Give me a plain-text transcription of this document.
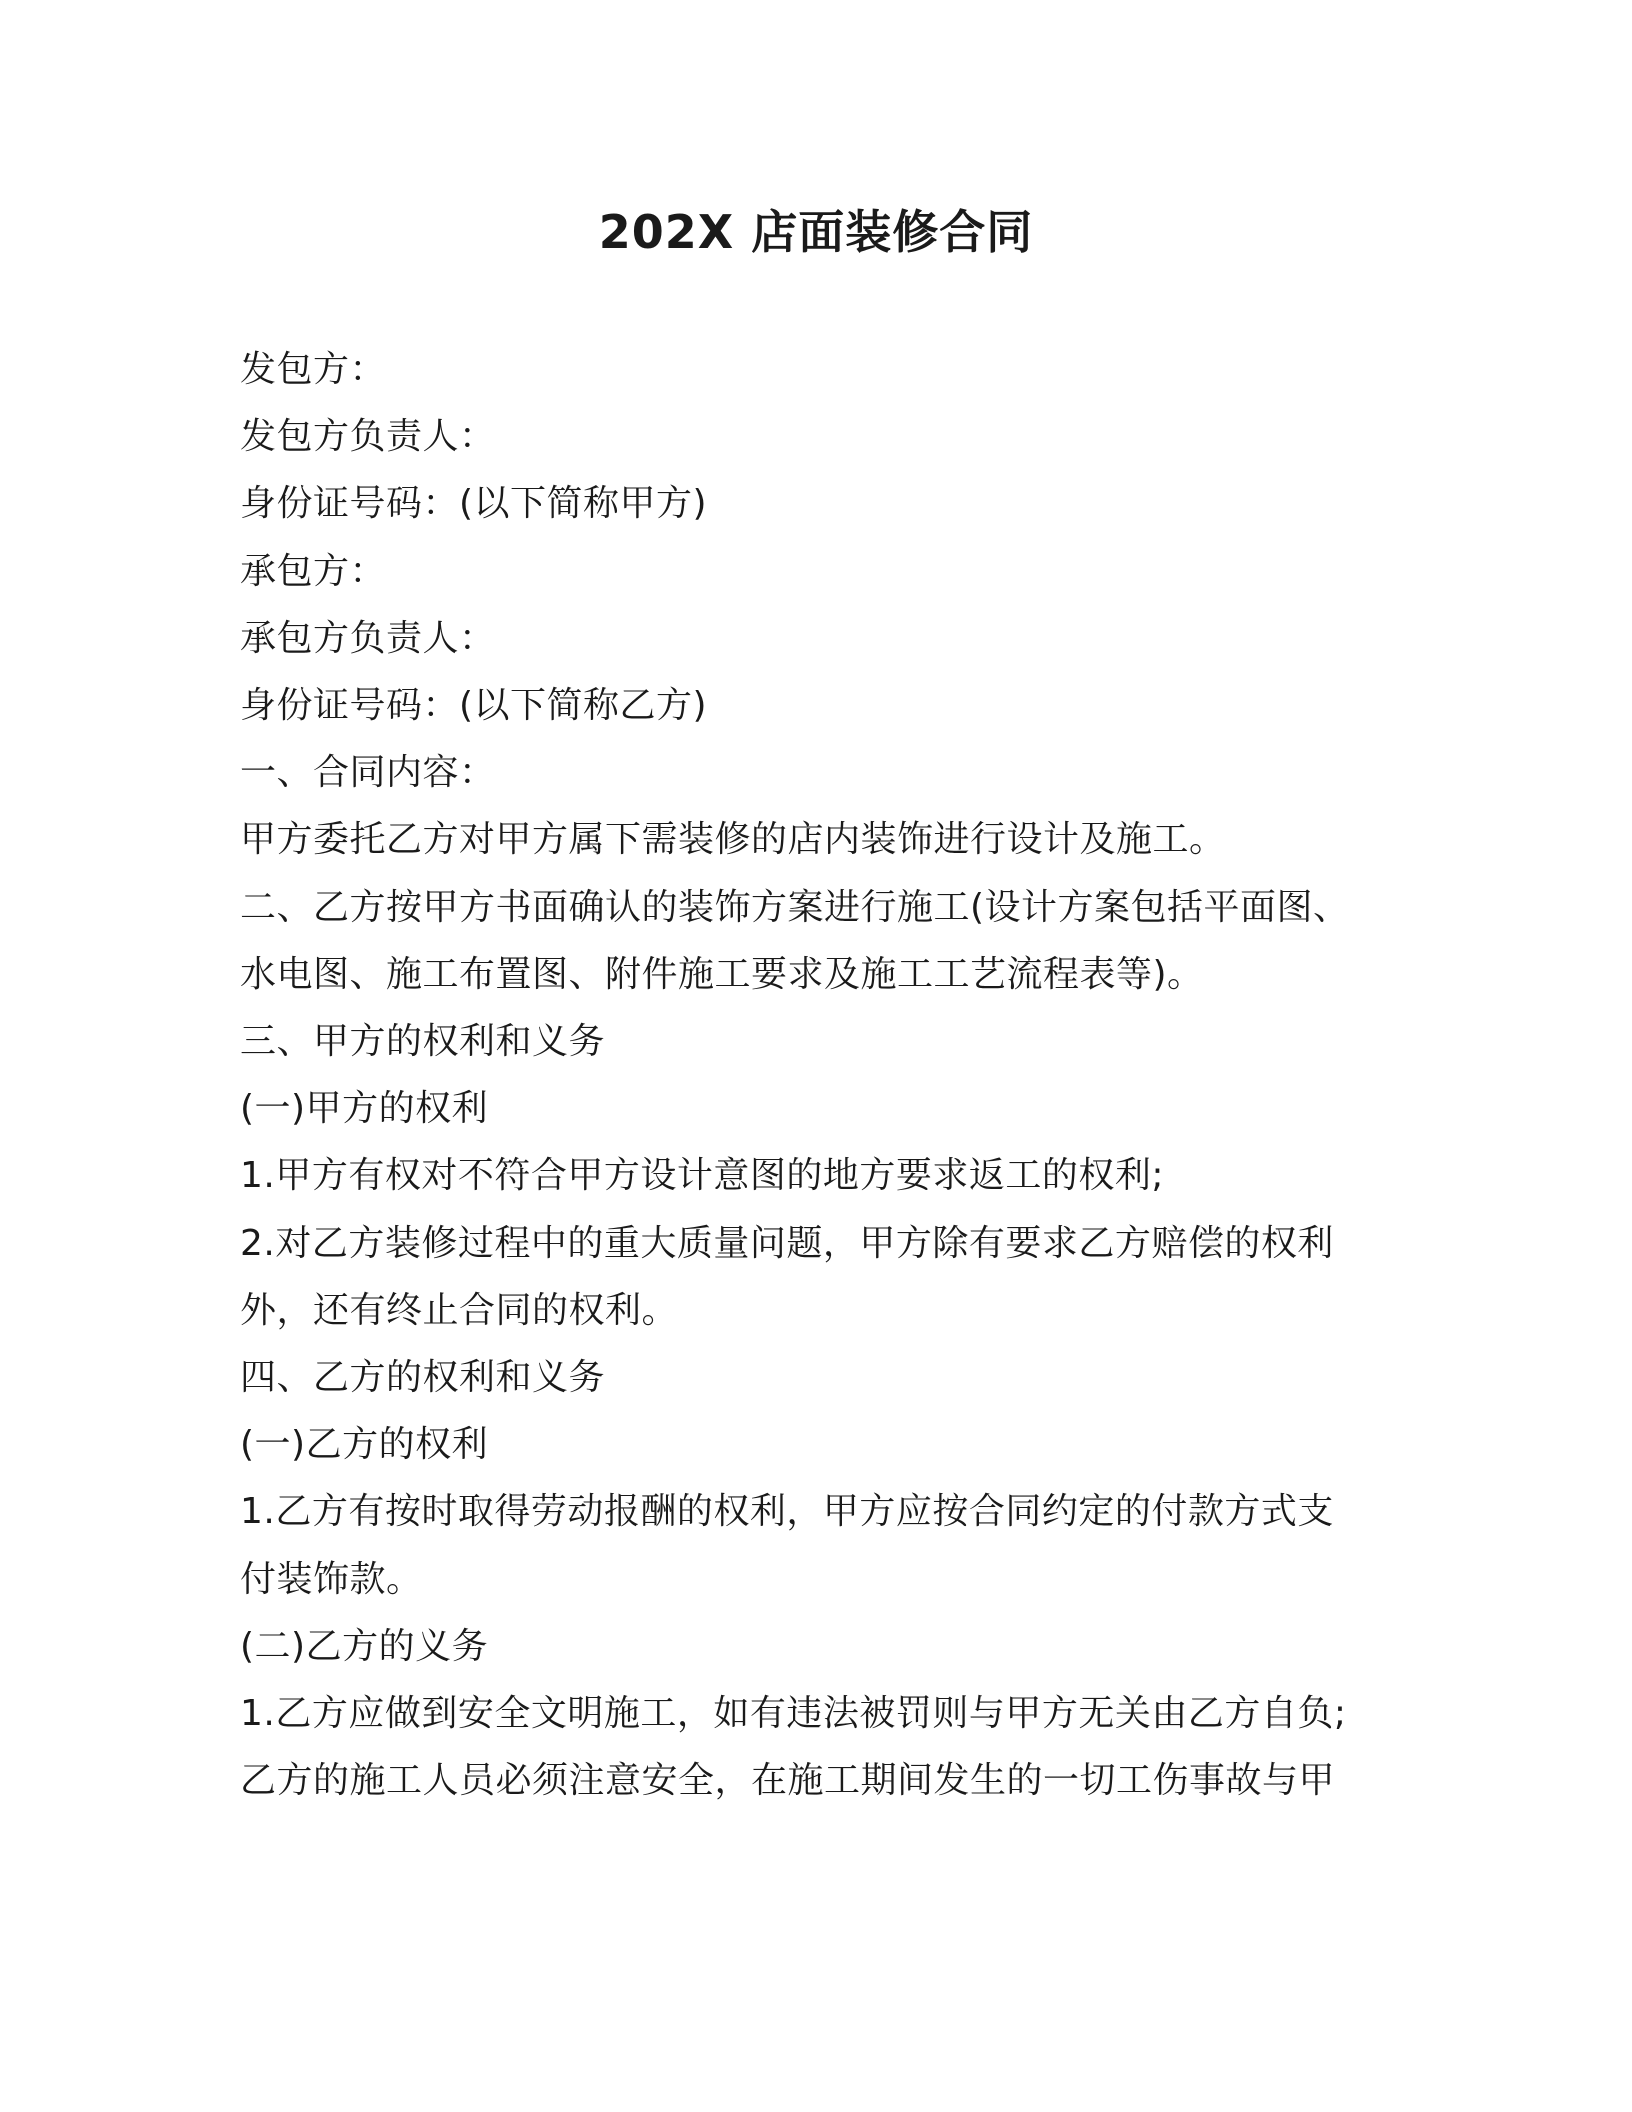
202X 店面装修合同

发包方：

发包方负责人：

身份证号码：(以下简称甲方)

承包方：

承包方负责人：

身份证号码：(以下简称乙方)

一、合同内容：

甲方委托乙方对甲方属下需装修的店内装饰进行设计及施工。

二、乙方按甲方书面确认的装饰方案进行施工(设计方案包括平面图、

水电图、施工布置图、附件施工要求及施工工艺流程表等)。

三、甲方的权利和义务

(一)甲方的权利

1.甲方有权对不符合甲方设计意图的地方要求返工的权利;

2.对乙方装修过程中的重大质量问题，甲方除有要求乙方赔偿的权利

外，还有终止合同的权利。

四、乙方的权利和义务

(一)乙方的权利

1.乙方有按时取得劳动报酬的权利，甲方应按合同约定的付款方式支

付装饰款。

(二)乙方的义务

1.乙方应做到安全文明施工，如有违法被罚则与甲方无关由乙方自负;

乙方的施工人员必须注意安全，在施工期间发生的一切工伤事故与甲
